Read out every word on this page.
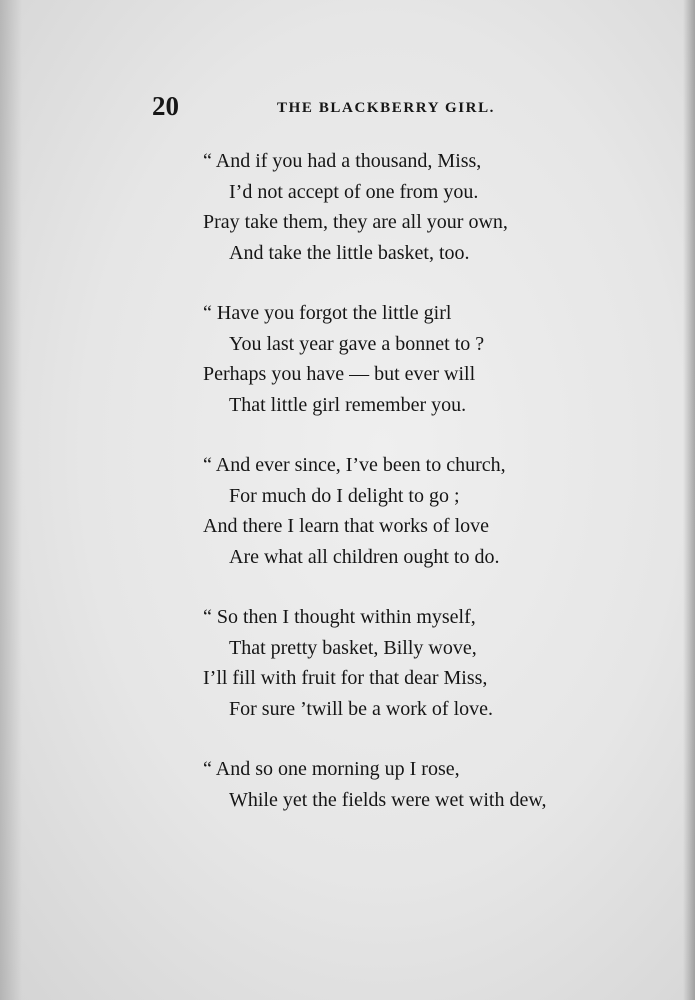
20	THE BLACKBERRY GIRL.
“ And if you had a thousand, Miss,
I’d not accept of one from you.
Pray take them, they are all your own,
And take the little basket, too.
“ Have you forgot the little girl
You last year gave a bonnet to ?
Perhaps you have — but ever will
That little girl remember you.
“ And ever since, I’ve been to church,
For much do I delight to go ;
And there I learn that works of love
Are what all children ought to do.
“ So then I thought within myself,
That pretty basket, Billy wove,
I’ll fill with fruit for that dear Miss,
For sure ’twill be a work of love.
“ And so one morning up I rose,
While yet the fields were wet with dew,
